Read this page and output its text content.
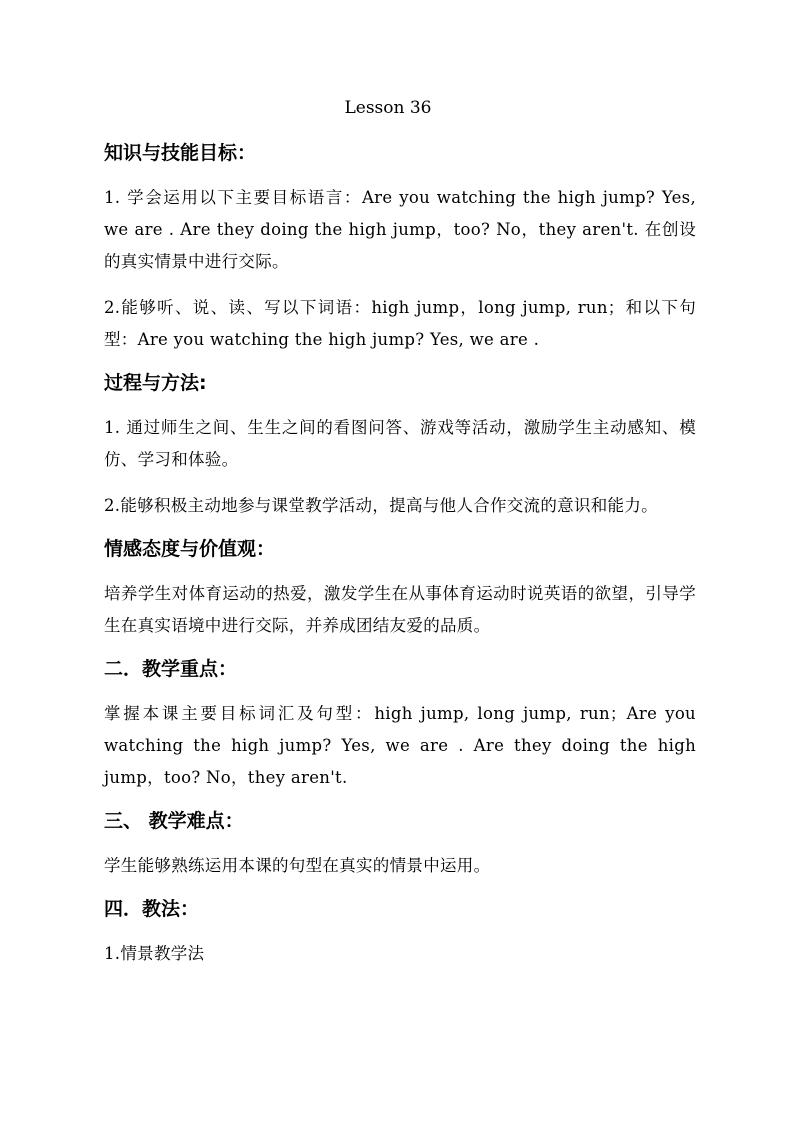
Lesson 36
知识与技能目标：
1. 学会运用以下主要目标语言：Are you watching the high jump? Yes, we are . Are they doing the high jump，too? No，they aren't. 在创设的真实情景中进行交际。
2.能够听、说、读、写以下词语：high jump，long jump, run；和以下句型：Are you watching the high jump? Yes, we are .
过程与方法:
1. 通过师生之间、生生之间的看图问答、游戏等活动，激励学生主动感知、模仿、学习和体验。
2.能够积极主动地参与课堂教学活动，提高与他人合作交流的意识和能力。
情感态度与价值观：
培养学生对体育运动的热爱，激发学生在从事体育运动时说英语的欲望，引导学生在真实语境中进行交际，并养成团结友爱的品质。
二．教学重点：
掌握本课主要目标词汇及句型：high jump, long jump, run；Are you watching the high jump? Yes, we are . Are they doing the high jump，too? No，they aren't.
三、 教学难点：
学生能够熟练运用本课的句型在真实的情景中运用。
四．教法：
1.情景教学法
